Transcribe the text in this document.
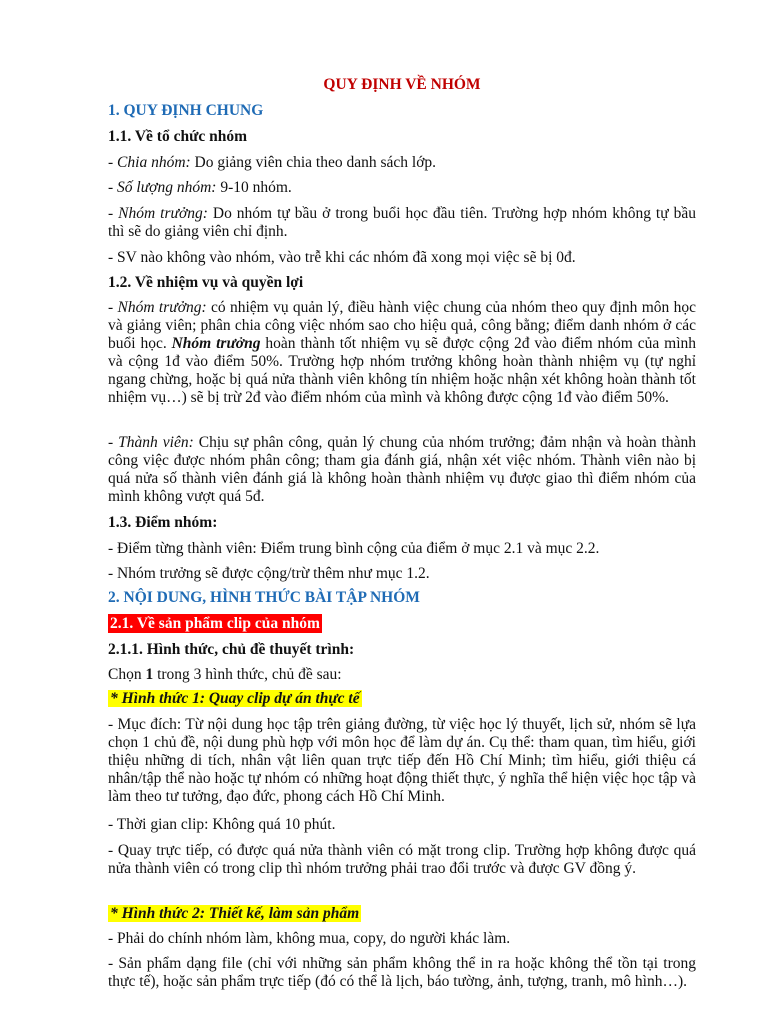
QUY ĐỊNH VỀ NHÓM

1. QUY ĐỊNH CHUNG

1.1. Về tổ chức nhóm

- Chia nhóm: Do giảng viên chia theo danh sách lớp.

- Số lượng nhóm: 9-10 nhóm.

- Nhóm trưởng: Do nhóm tự bầu ở trong buổi học đầu tiên. Trường hợp nhóm không tự bầu thì sẽ do giảng viên chỉ định.

- SV nào không vào nhóm, vào trễ khi các nhóm đã xong mọi việc sẽ bị 0đ.

1.2. Về nhiệm vụ và quyền lợi

- Nhóm trưởng: có nhiệm vụ quản lý, điều hành việc chung của nhóm theo quy định môn học và giảng viên; phân chia công việc nhóm sao cho hiệu quả, công bằng; điểm danh nhóm ở các buổi học. Nhóm trưởng hoàn thành tốt nhiệm vụ sẽ được cộng 2đ vào điểm nhóm của mình và cộng 1đ vào điểm 50%. Trường hợp nhóm trưởng không hoàn thành nhiệm vụ (tự nghỉ ngang chừng, hoặc bị quá nửa thành viên không tín nhiệm hoặc nhận xét không hoàn thành tốt nhiệm vụ…) sẽ bị trừ 2đ vào điểm nhóm của mình và không được cộng 1đ vào điểm 50%.

- Thành viên: Chịu sự phân công, quản lý chung của nhóm trưởng; đảm nhận và hoàn thành công việc được nhóm phân công; tham gia đánh giá, nhận xét việc nhóm. Thành viên nào bị quá nửa số thành viên đánh giá là không hoàn thành nhiệm vụ được giao thì điểm nhóm của mình không vượt quá 5đ.

1.3. Điểm nhóm:

- Điểm từng thành viên: Điểm trung bình cộng của điểm ở mục 2.1 và mục 2.2.

- Nhóm trưởng sẽ được cộng/trừ thêm như mục 1.2.

2. NỘI DUNG, HÌNH THỨC BÀI TẬP NHÓM

2.1. Về sản phẩm clip của nhóm

2.1.1. Hình thức, chủ đề thuyết trình:

Chọn 1 trong 3 hình thức, chủ đề sau:

* Hình thức 1: Quay clip dự án thực tế

- Mục đích: Từ nội dung học tập trên giảng đường, từ việc học lý thuyết, lịch sử, nhóm sẽ lựa chọn 1 chủ đề, nội dung phù hợp với môn học để làm dự án. Cụ thể: tham quan, tìm hiểu, giới thiệu những di tích, nhân vật liên quan trực tiếp đến Hồ Chí Minh; tìm hiểu, giới thiệu cá nhân/tập thể nào hoặc tự nhóm có những hoạt động thiết thực, ý nghĩa thể hiện việc học tập và làm theo tư tưởng, đạo đức, phong cách Hồ Chí Minh.

- Thời gian clip: Không quá 10 phút.

- Quay trực tiếp, có được quá nửa thành viên có mặt trong clip. Trường hợp không được quá nửa thành viên có trong clip thì nhóm trưởng phải trao đổi trước và được GV đồng ý.

* Hình thức 2: Thiết kế, làm sản phẩm

- Phải do chính nhóm làm, không mua, copy, do người khác làm.

- Sản phẩm dạng file (chỉ với những sản phẩm không thể in ra hoặc không thể tồn tại trong thực tế), hoặc sản phẩm trực tiếp (đó có thể là lịch, báo tường, ảnh, tượng, tranh, mô hình…).
